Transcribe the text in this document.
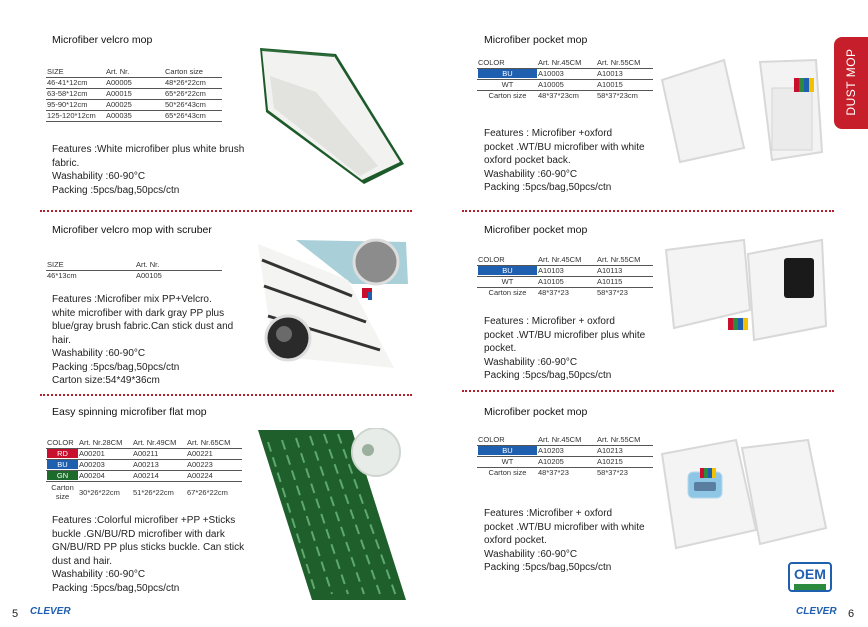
DUST MOP
Microfiber velcro mop
SIZE	Art. Nr.	Carton size
46-41*12cm	A00005	48*26*22cm
63-58*12cm	A00015	65*26*22cm
95-90*12cm	A00025	50*26*43cm
125-120*12cm	A00035	65*26*43cm
Features :White microfiber plus white brush
fabric.
Washability :60-90°C
Packing :5pcs/bag,50pcs/ctn
Microfiber velcro mop with scruber
SIZE	Art. Nr.
46*13cm	A00105
Features :Microfiber mix PP+Velcro.
white microfiber with dark gray PP plus
blue/gray brush fabric.Can stick dust and
hair.
Washability :60-90°C
Packing :5pcs/bag,50pcs/ctn
Carton size:54*49*36cm
Easy spinning microfiber flat mop
COLOR	Art. Nr.28CM	Art. Nr.49CM	Art. Nr.65CM
RD	A00201	A00211	A00221
BU	A00203	A00213	A00223
GN	A00204	A00214	A00224

Carton
size	30*26*22cm	51*26*22cm	67*26*22cm
Features :Colorful microfiber +PP +Sticks
buckle .GN/BU/RD microfiber with dark
GN/BU/RD PP plus sticks buckle. Can stick
dust and hair.
Washability :60-90°C
Packing :5pcs/bag,50pcs/ctn
5 CLEVER
Microfiber pocket mop
COLOR	Art. Nr.45CM	Art. Nr.55CM
BU	A10003	A10013
WT	A10005	A10015
Carton size	48*37*23cm	58*37*23cm
Features : Microfiber +oxford
pocket .WT/BU microfiber with white
oxford pocket back.
Washability :60-90°C
Packing :5pcs/bag,50pcs/ctn
Microfiber pocket mop
COLOR	Art. Nr.45CM	Art. Nr.55CM
BU	A10103	A10113
WT	A10105	A10115
Carton size	48*37*23	58*37*23
Features : Microfiber + oxford
pocket .WT/BU microfiber plus white
pocket.
Washability :60-90°C
Packing :5pcs/bag,50pcs/ctn
Microfiber pocket mop
COLOR	Art. Nr.45CM	Art. Nr.55CM
BU	A10203	A10213
WT	A10205	A10215
Carton size	48*37*23	58*37*23
Features :Microfiber + oxford
pocket .WT/BU microfiber with white
oxford pocket.
Washability :60-90°C
Packing :5pcs/bag,50pcs/ctn	OEM
CLEVER 6
